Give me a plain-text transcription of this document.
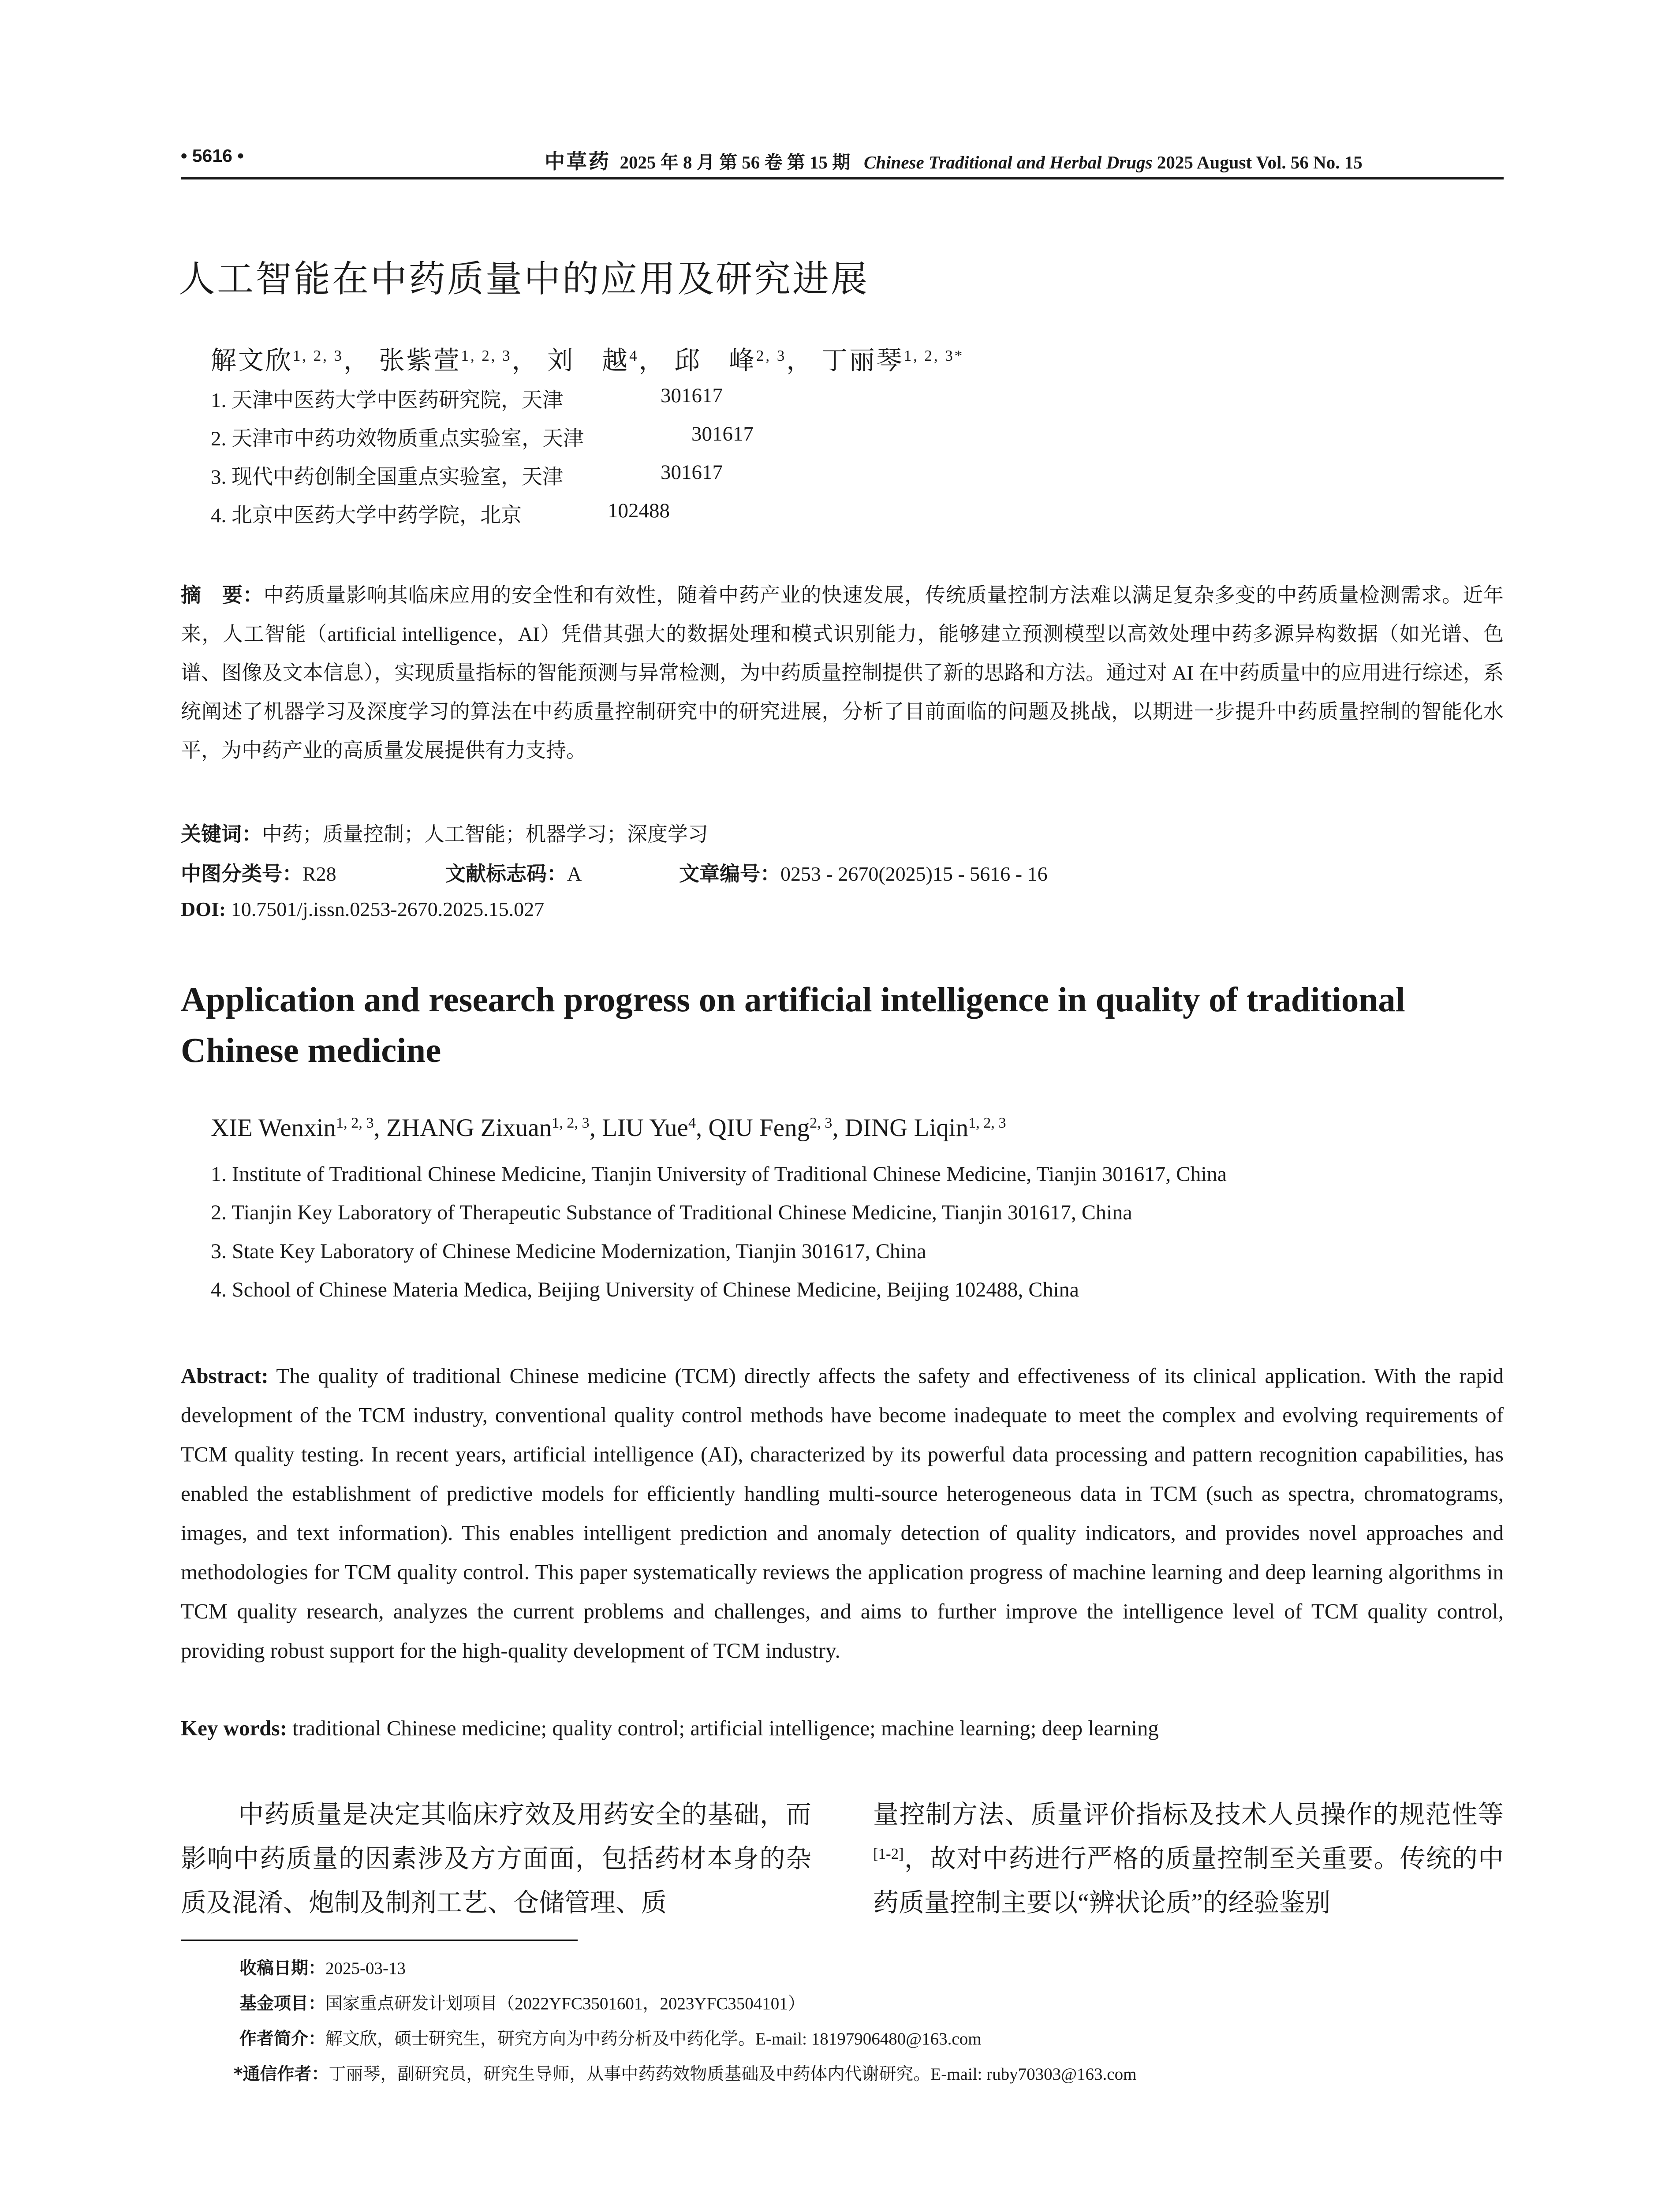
• 5616 •	中草药 2025 年 8 月 第 56 卷 第 15 期 Chinese Traditional and Herbal Drugs 2025 August Vol. 56 No. 15
人工智能在中药质量中的应用及研究进展
解文欣$^{1, 2, 3}$， 张紫萱$^{1, 2, 3}$， 刘　越$^4$， 邱　峰$^{2, 3}$， 丁丽琴$^{1, 2, 3*}$
1. 天津中医药大学中医药研究院，天津	301617
2. 天津市中药功效物质重点实验室，天津	301617
3. 现代中药创制全国重点实验室，天津	301617
4. 北京中医药大学中药学院，北京	102488
摘　要：中药质量影响其临床应用的安全性和有效性，随着中药产业的快速发展，传统质量控制方法难以满足复杂多变的中药质量检测需求。近年来，人工智能（artificial intelligence，AI）凭借其强大的数据处理和模式识别能力，能够建立预测模型以高效处理中药多源异构数据（如光谱、色谱、图像及文本信息），实现质量指标的智能预测与异常检测，为中药质量控制提供了新的思路和方法。通过对 AI 在中药质量中的应用进行综述，系统阐述了机器学习及深度学习的算法在中药质量控制研究中的研究进展，分析了目前面临的问题及挑战，以期进一步提升中药质量控制的智能化水平，为中药产业的高质量发展提供有力支持。
关键词：中药；质量控制；人工智能；机器学习；深度学习
中图分类号：R28	文献标志码：A	文章编号：0253 - 2670(2025)15 - 5616 - 16
DOI: 10.7501/j.issn.0253-2670.2025.15.027
Application and research progress on artificial intelligence in quality of traditional Chinese medicine
XIE Wenxin$^{1, 2, 3}$, ZHANG Zixuan$^{1, 2, 3}$, LIU Yue$^4$, QIU Feng$^{2, 3}$, DING Liqin$^{1, 2, 3}$
1. Institute of Traditional Chinese Medicine, Tianjin University of Traditional Chinese Medicine, Tianjin 301617, China
2. Tianjin Key Laboratory of Therapeutic Substance of Traditional Chinese Medicine, Tianjin 301617, China
3. State Key Laboratory of Chinese Medicine Modernization, Tianjin 301617, China
4. School of Chinese Materia Medica, Beijing University of Chinese Medicine, Beijing 102488, China
Abstract: The quality of traditional Chinese medicine (TCM) directly affects the safety and effectiveness of its clinical application. With the rapid development of the TCM industry, conventional quality control methods have become inadequate to meet the complex and evolving requirements of TCM quality testing. In recent years, artificial intelligence (AI), characterized by its powerful data processing and pattern recognition capabilities, has enabled the establishment of predictive models for efficiently handling multi-source heterogeneous data in TCM (such as spectra, chromatograms, images, and text information). This enables intelligent prediction and anomaly detection of quality indicators, and provides novel approaches and methodologies for TCM quality control. This paper systematically reviews the application progress of machine learning and deep learning algorithms in TCM quality research, analyzes the current problems and challenges, and aims to further improve the intelligence level of TCM quality control, providing robust support for the high-quality development of TCM industry.
Key words: traditional Chinese medicine; quality control; artificial intelligence; machine learning; deep learning
中药质量是决定其临床疗效及用药安全的基础，而影响中药质量的因素涉及方方面面，包括药材本身的杂质及混淆、炮制及制剂工艺、仓储管理、质
量控制方法、质量评价指标及技术人员操作的规范性等[1-2]，故对中药进行严格的质量控制至关重要。传统的中药质量控制主要以“辨状论质”的经验鉴别
收稿日期：2025-03-13
基金项目：国家重点研发计划项目（2022YFC3501601，2023YFC3504101）
作者简介：解文欣，硕士研究生，研究方向为中药分析及中药化学。E-mail: 18197906480@163.com
*通信作者：丁丽琴，副研究员，研究生导师，从事中药药效物质基础及中药体内代谢研究。E-mail: ruby70303@163.com
